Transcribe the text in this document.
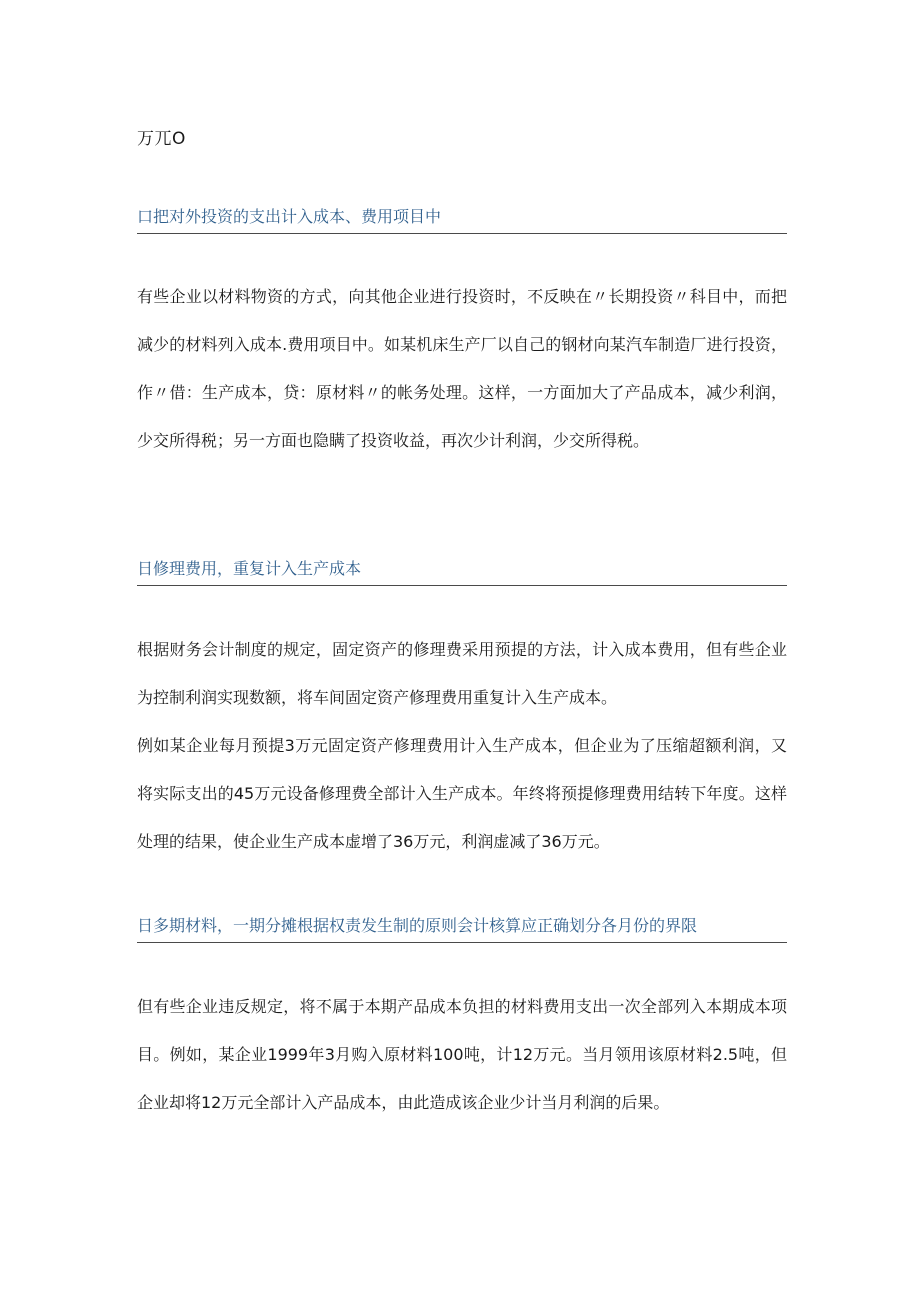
万兀O
口把对外投资的支出计入成本、费用项目中

有些企业以材料物资的方式，向其他企业进行投资时，不反映在〃长期投资〃科目中，而把减少的材料列入成本.费用项目中。如某机床生产厂以自己的钢材向某汽车制造厂进行投资，作〃借：生产成本，贷：原材料〃的帐务处理。这样，一方面加大了产品成本，减少利润，少交所得税；另一方面也隐瞒了投资收益，再次少计利润，少交所得税。

日修理费用，重复计入生产成本

根据财务会计制度的规定，固定资产的修理费采用预提的方法，计入成本费用，但有些企业为控制利润实现数额，将车间固定资产修理费用重复计入生产成本。

例如某企业每月预提3万元固定资产修理费用计入生产成本，但企业为了压缩超额利润，又将实际支出的45万元设备修理费全部计入生产成本。年终将预提修理费用结转下年度。这样处理的结果，使企业生产成本虚增了36万元，利润虚减了36万元。

日多期材料，一期分摊根据权责发生制的原则会计核算应正确划分各月份的界限

但有些企业违反规定，将不属于本期产品成本负担的材料费用支出一次全部列入本期成本项目。例如，某企业1999年3月购入原材料100吨，计12万元。当月领用该原材料2.5吨，但企业却将12万元全部计入产品成本，由此造成该企业少计当月利润的后果。
